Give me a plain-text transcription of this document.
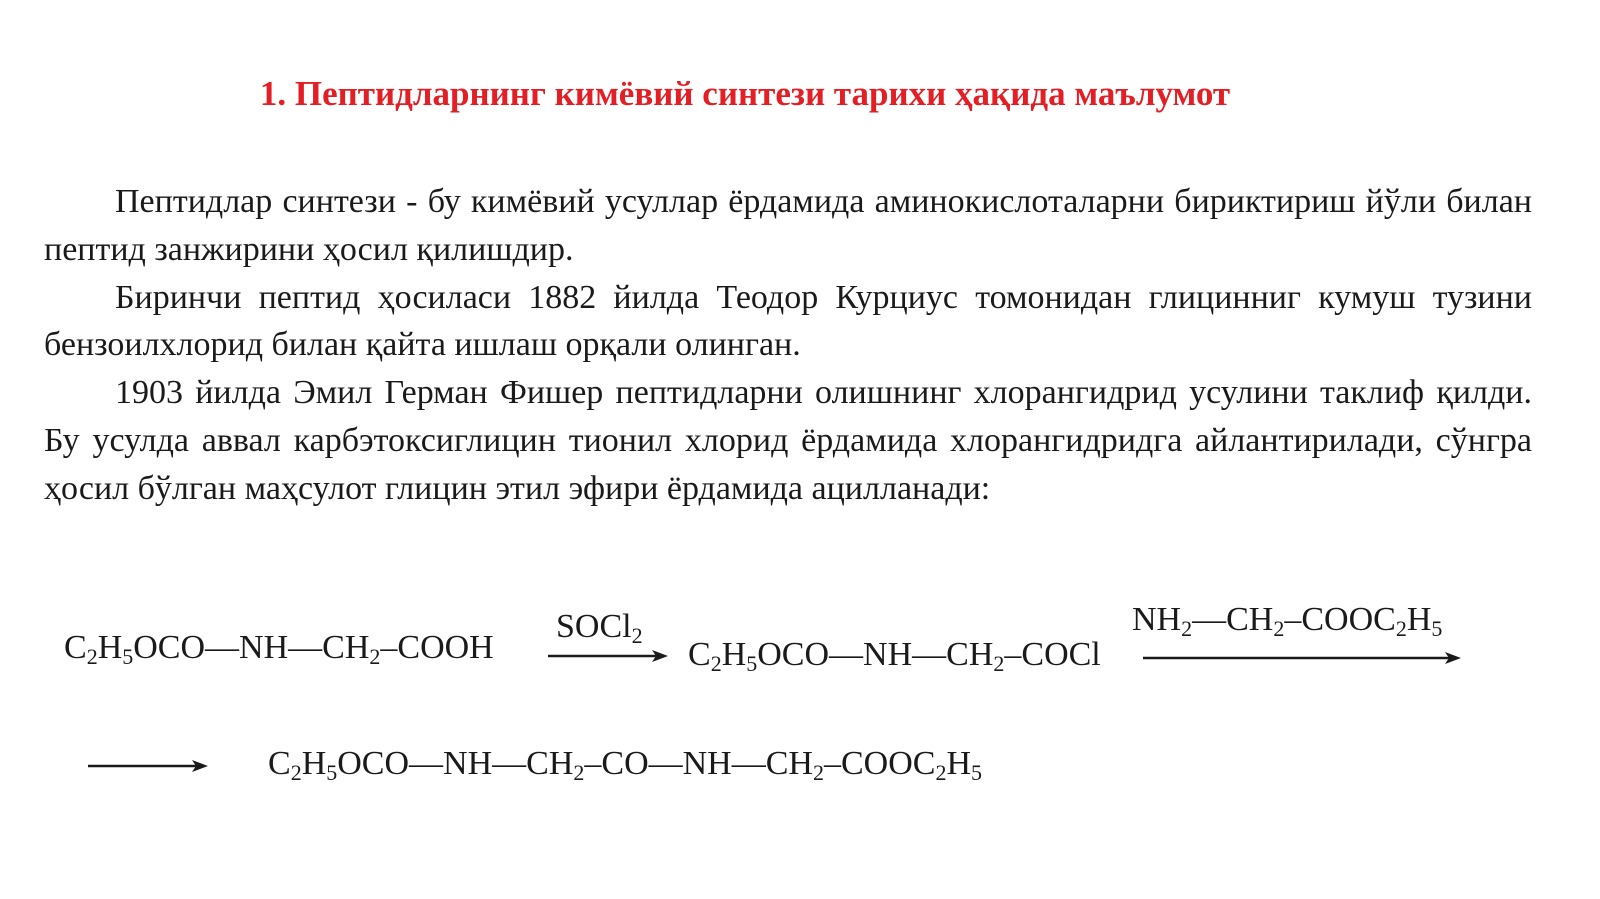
1. Пептидларнинг кимёвий синтези тарихи ҳақида маълумот

Пептидлар синтези - бу кимёвий усуллар ёрдамида аминокислоталарни бириктириш йўли билан пептид занжирини ҳосил қилишдир.

Биринчи пептид ҳосиласи 1882 йилда Теодор Курциус томонидан глицинниг кумуш тузини бензоилхлорид билан қайта ишлаш орқали олинган.

1903 йилда Эмил Герман Фишер пептидларни олишнинг хлорангидрид усулини таклиф қилди. Бу усулда аввал карбэтоксиглицин тионил хлорид ёрдамида хлорангидридга айлантирилади, сўнгра ҳосил бўлган маҳсулот глицин этил эфири ёрдамида ацилланади:

$C_2H_5OCO—NH—CH_2$–COOH
SOCl$_2$
$C_2H_5OCO—NH—CH_2$–COCl
$NH_2—CH_2-COOC_2H_5$
$C_2H_5OCO—NH—CH_2-CO—NH—CH_2-COOC_2H_5$
